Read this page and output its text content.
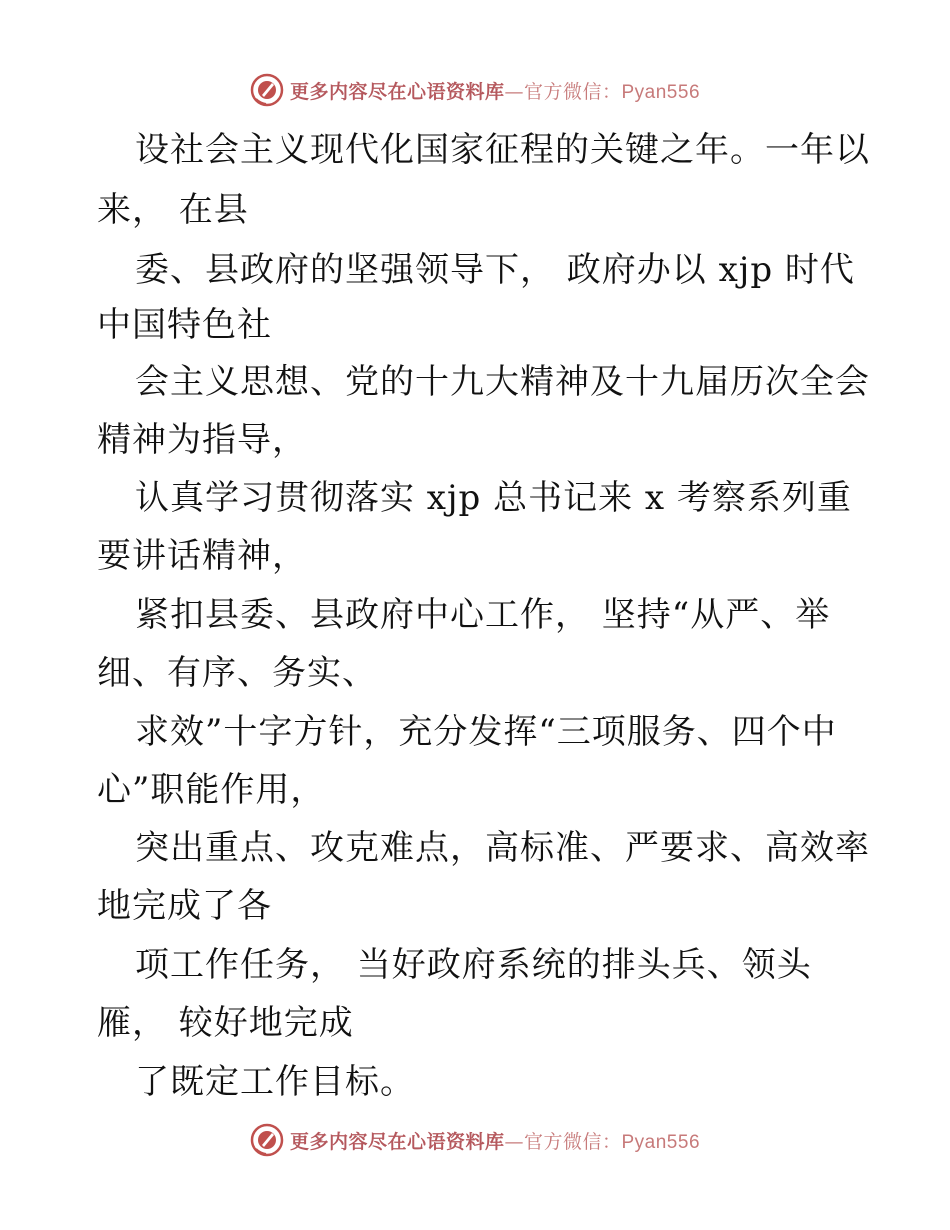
更多内容尽在心语资料库—官方微信：Pyan556
设社会主义现代化国家征程的关键之年。一年以
来， 在县
委、县政府的坚强领导下， 政府办以 xjp 时代
中国特色社
会主义思想、党的十九大精神及十九届历次全会
精神为指导，
认真学习贯彻落实 xjp 总书记来 x 考察系列重
要讲话精神，
紧扣县委、县政府中心工作， 坚持“从严、举
细、有序、务实、
求效”十字方针，充分发挥“三项服务、四个中
心”职能作用，
突出重点、攻克难点，高标准、严要求、高效率
地完成了各
项工作任务， 当好政府系统的排头兵、领头
雁， 较好地完成
了既定工作目标。
更多内容尽在心语资料库—官方微信：Pyan556
